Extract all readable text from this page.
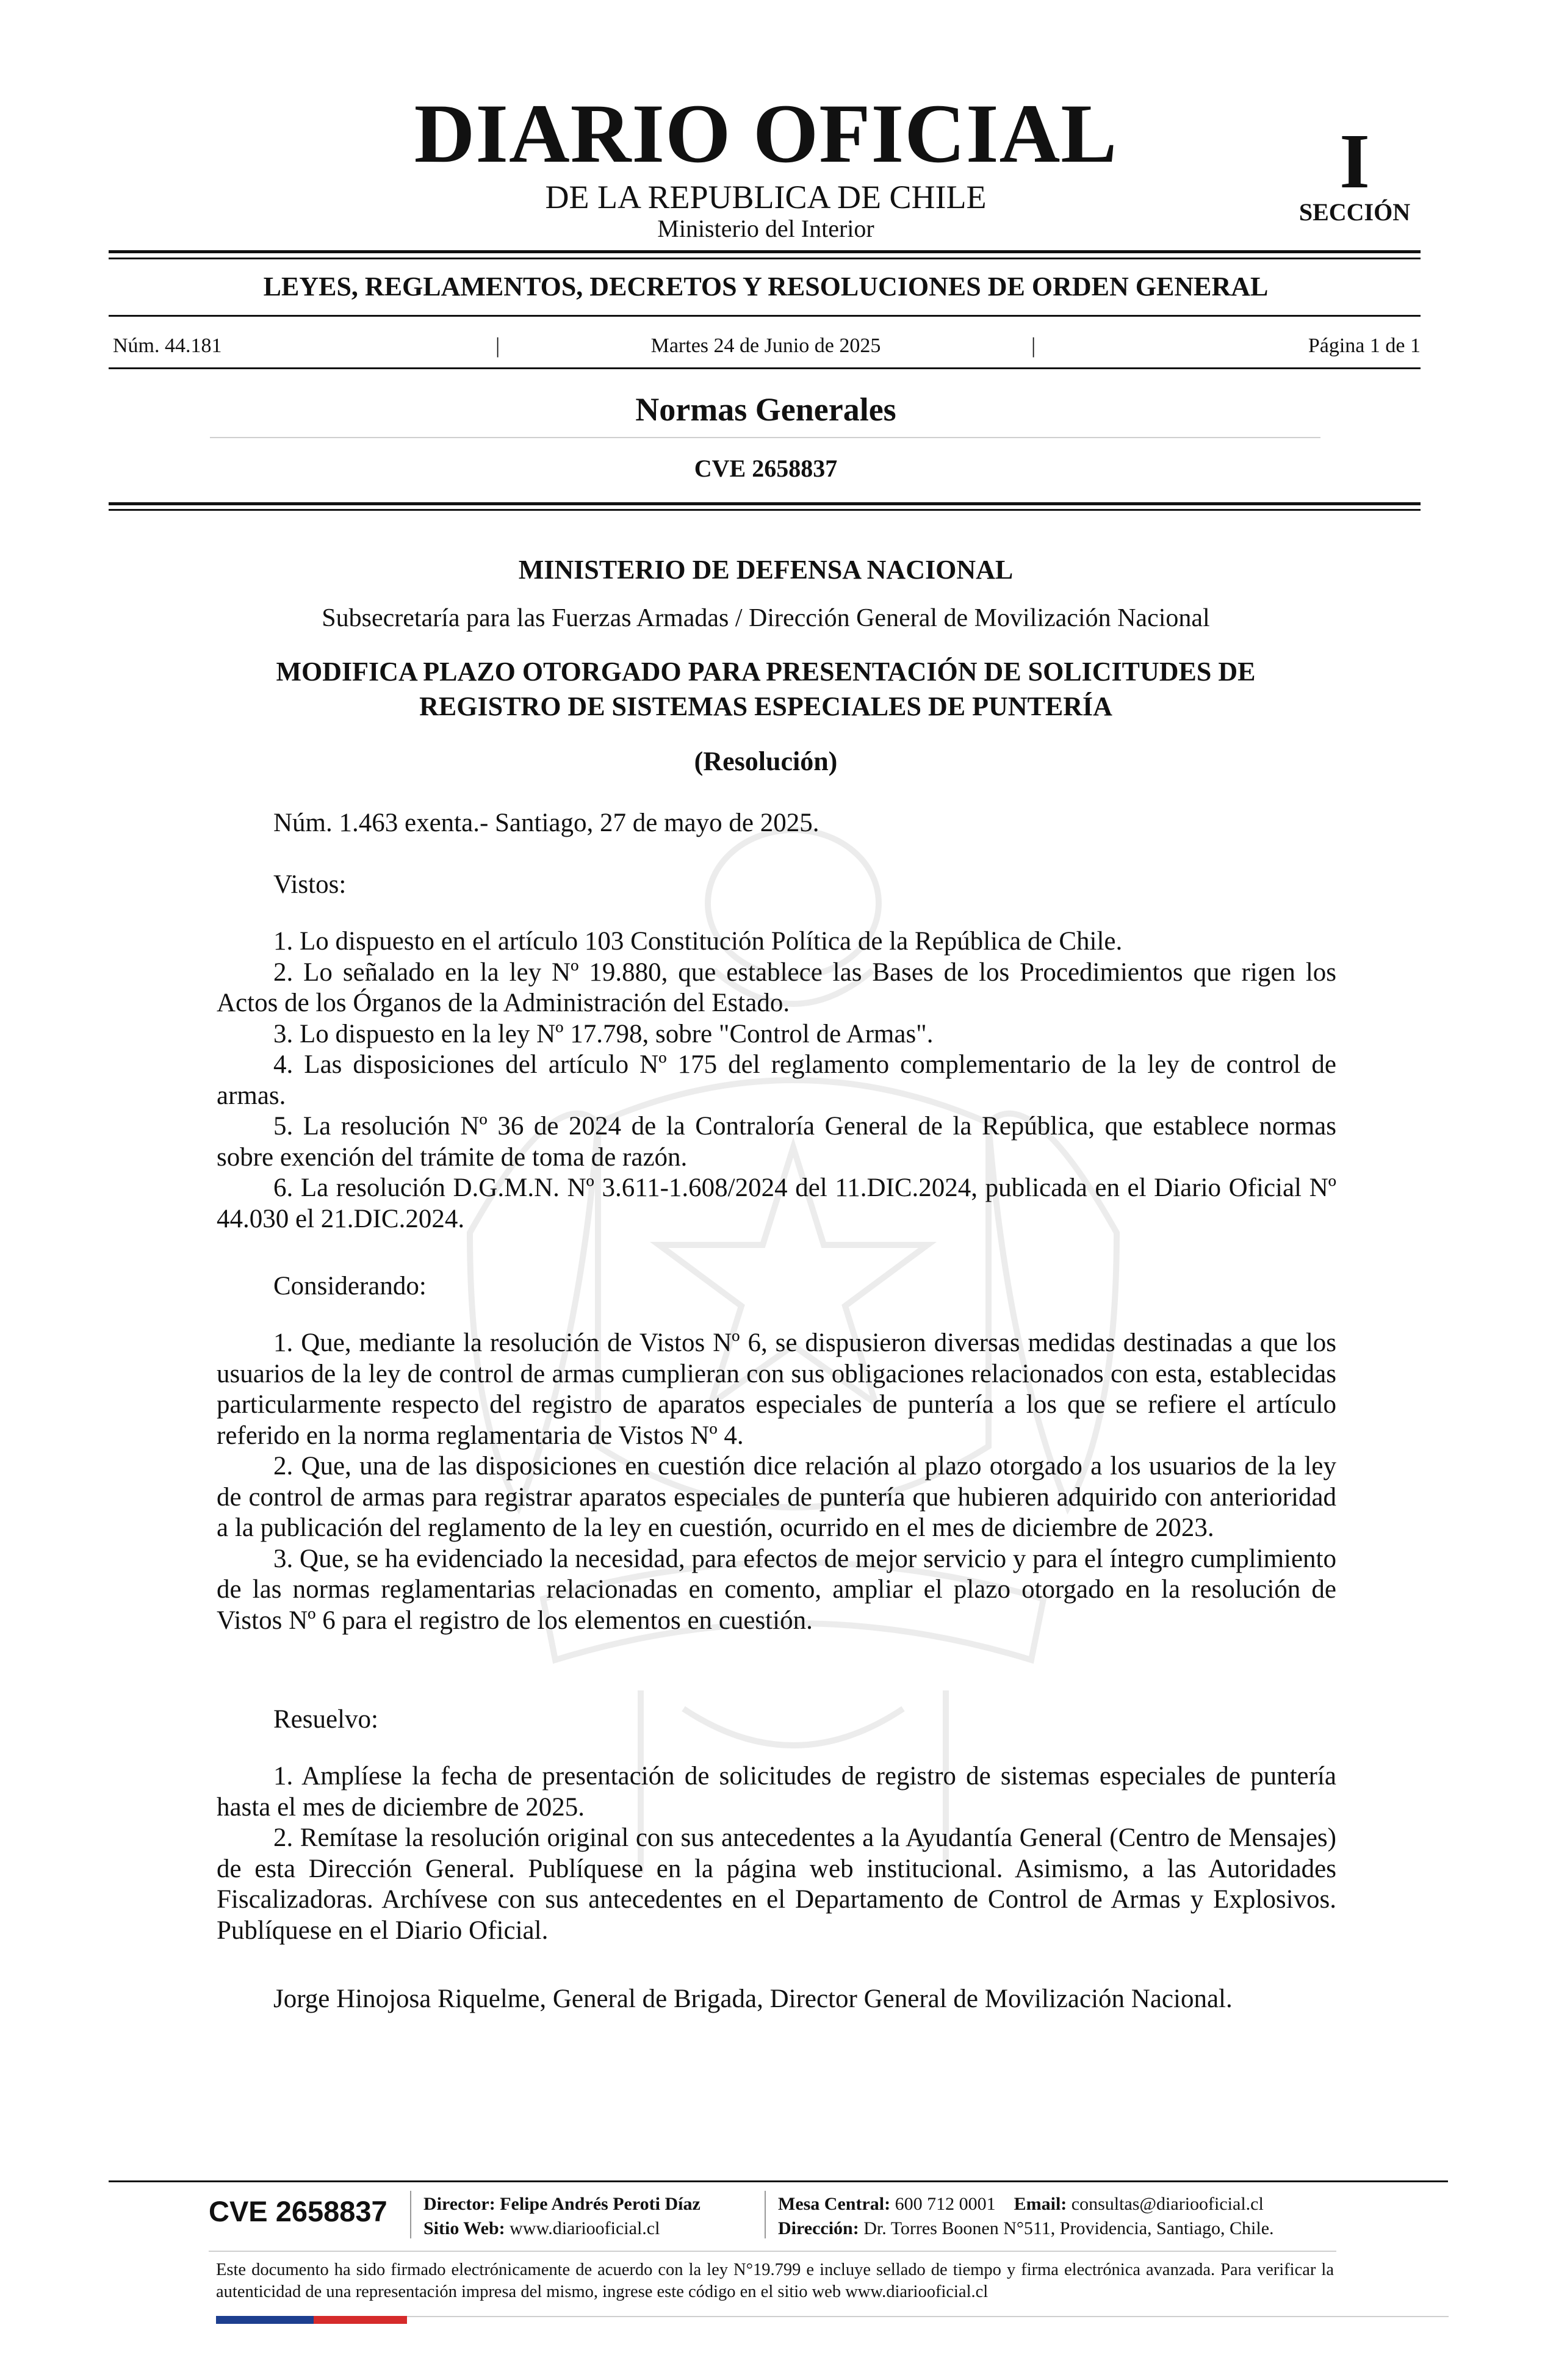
DIARIO OFICIAL
DE LA REPUBLICA DE CHILE
Ministerio del Interior
I
SECCIÓN
LEYES, REGLAMENTOS, DECRETOS Y RESOLUCIONES DE ORDEN GENERAL
Núm. 44.181	|	Martes 24 de Junio de 2025	|	Página 1 de 1
Normas Generales
CVE 2658837
MINISTERIO DE DEFENSA NACIONAL
Subsecretaría para las Fuerzas Armadas / Dirección General de Movilización Nacional
MODIFICA PLAZO OTORGADO PARA PRESENTACIÓN DE SOLICITUDES DE REGISTRO DE SISTEMAS ESPECIALES DE PUNTERÍA
(Resolución)
Núm. 1.463 exenta.- Santiago, 27 de mayo de 2025.
Vistos:

1. Lo dispuesto en el artículo 103 Constitución Política de la República de Chile.

2. Lo señalado en la ley Nº 19.880, que establece las Bases de los Procedimientos que rigen los Actos de los Órganos de la Administración del Estado.

3. Lo dispuesto en la ley Nº 17.798, sobre "Control de Armas".

4. Las disposiciones del artículo Nº 175 del reglamento complementario de la ley de control de armas.

5. La resolución Nº 36 de 2024 de la Contraloría General de la República, que establece normas sobre exención del trámite de toma de razón.

6. La resolución D.G.M.N. Nº 3.611-1.608/2024 del 11.DIC.2024, publicada en el Diario Oficial Nº 44.030 el 21.DIC.2024.

Considerando:

1. Que, mediante la resolución de Vistos Nº 6, se dispusieron diversas medidas destinadas a que los usuarios de la ley de control de armas cumplieran con sus obligaciones relacionados con esta, establecidas particularmente respecto del registro de aparatos especiales de puntería a los que se refiere el artículo referido en la norma reglamentaria de Vistos Nº 4.

2. Que, una de las disposiciones en cuestión dice relación al plazo otorgado a los usuarios de la ley de control de armas para registrar aparatos especiales de puntería que hubieren adquirido con anterioridad a la publicación del reglamento de la ley en cuestión, ocurrido en el mes de diciembre de 2023.

3. Que, se ha evidenciado la necesidad, para efectos de mejor servicio y para el íntegro cumplimiento de las normas reglamentarias relacionadas en comento, ampliar el plazo otorgado en la resolución de Vistos Nº 6 para el registro de los elementos en cuestión.

Resuelvo:

1. Amplíese la fecha de presentación de solicitudes de registro de sistemas especiales de puntería hasta el mes de diciembre de 2025.

2. Remítase la resolución original con sus antecedentes a la Ayudantía General (Centro de Mensajes) de esta Dirección General. Publíquese en la página web institucional. Asimismo, a las Autoridades Fiscalizadoras. Archívese con sus antecedentes en el Departamento de Control de Armas y Explosivos. Publíquese en el Diario Oficial.

Jorge Hinojosa Riquelme, General de Brigada, Director General de Movilización Nacional.
CVE 2658837 Director: Felipe Andrés Peroti Díaz
Sitio Web: www.diariooficial.cl
Mesa Central: 600 712 0001 Email: consultas@diariooficial.cl
Dirección: Dr. Torres Boonen N°511, Providencia, Santiago, Chile.
Este documento ha sido firmado electrónicamente de acuerdo con la ley N°19.799 e incluye sellado de tiempo y firma electrónica avanzada. Para verificar la autenticidad de una representación impresa del mismo, ingrese este código en el sitio web www.diariooficial.cl
